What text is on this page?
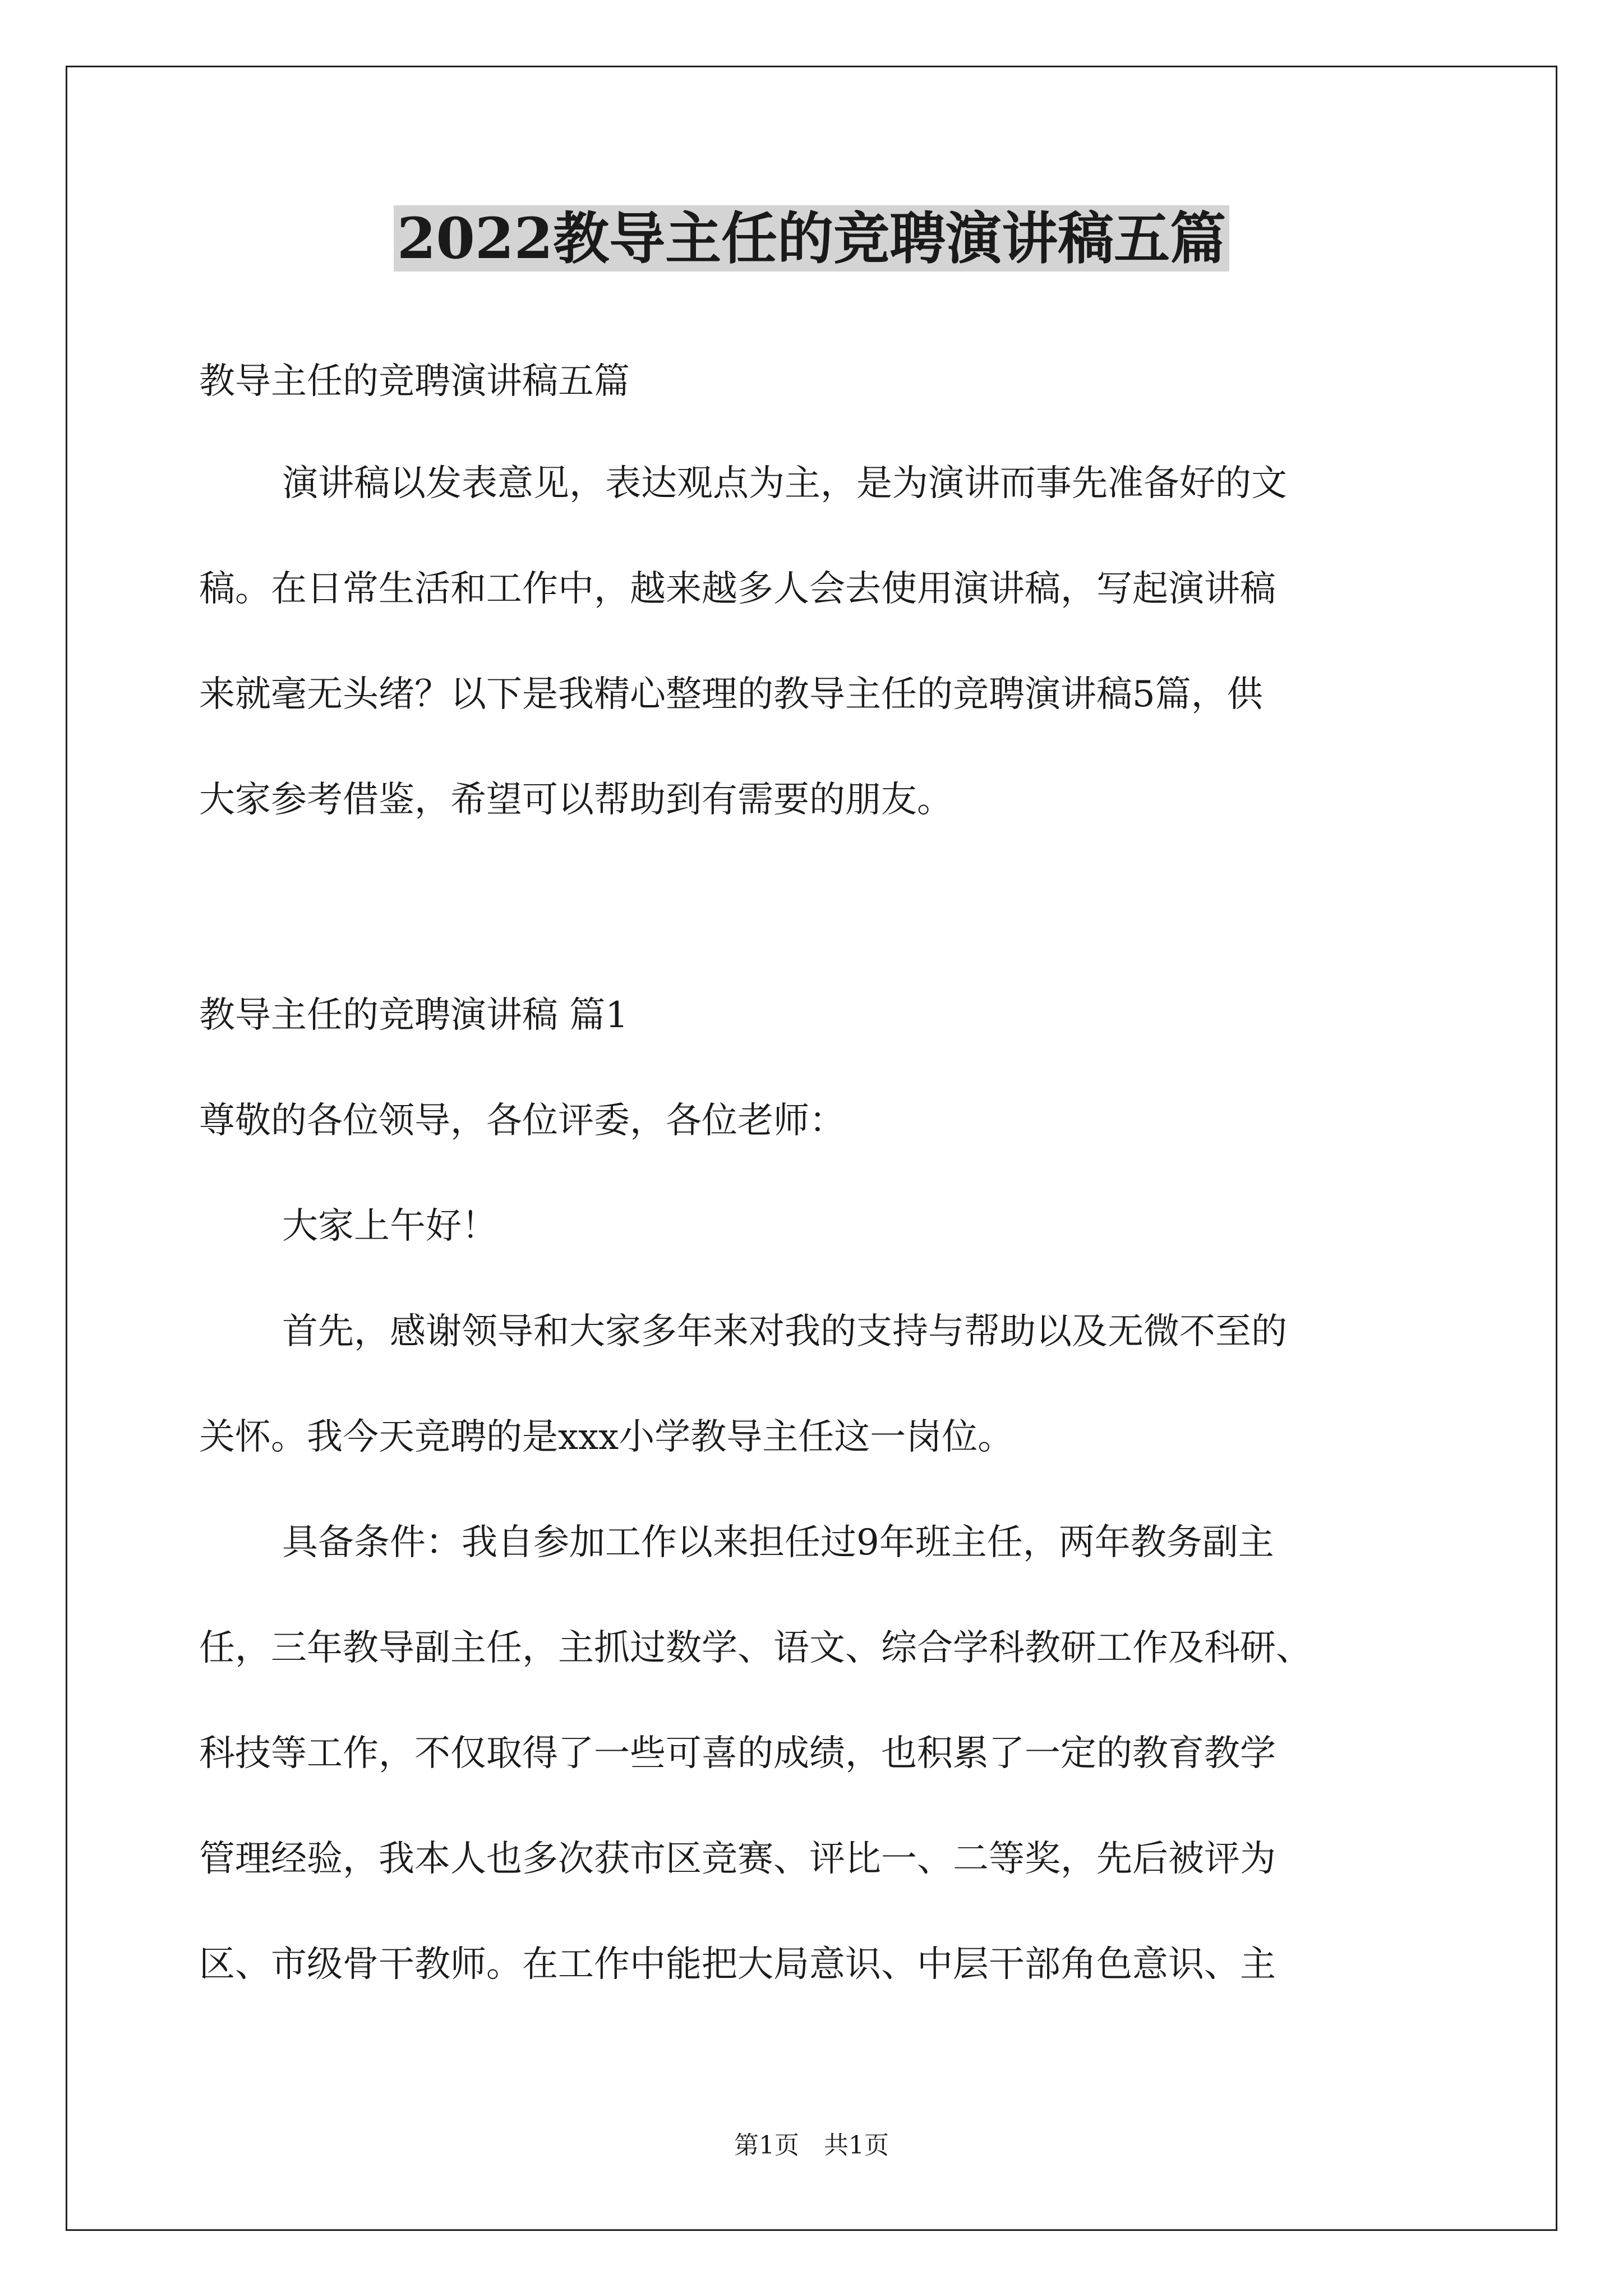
2022教导主任的竞聘演讲稿五篇
教导主任的竞聘演讲稿五篇
演讲稿以发表意见，表达观点为主，是为演讲而事先准备好的文
稿。在日常生活和工作中，越来越多人会去使用演讲稿，写起演讲稿
来就毫无头绪？以下是我精心整理的教导主任的竞聘演讲稿5篇，供
大家参考借鉴，希望可以帮助到有需要的朋友。
教导主任的竞聘演讲稿 篇1
尊敬的各位领导，各位评委，各位老师：
大家上午好！
首先，感谢领导和大家多年来对我的支持与帮助以及无微不至的
关怀。我今天竞聘的是xxx小学教导主任这一岗位。
具备条件：我自参加工作以来担任过9年班主任，两年教务副主
任，三年教导副主任，主抓过数学、语文、综合学科教研工作及科研、
科技等工作，不仅取得了一些可喜的成绩，也积累了一定的教育教学
管理经验，我本人也多次获市区竞赛、评比一、二等奖，先后被评为
区、市级骨干教师。在工作中能把大局意识、中层干部角色意识、主
第1页　共1页
